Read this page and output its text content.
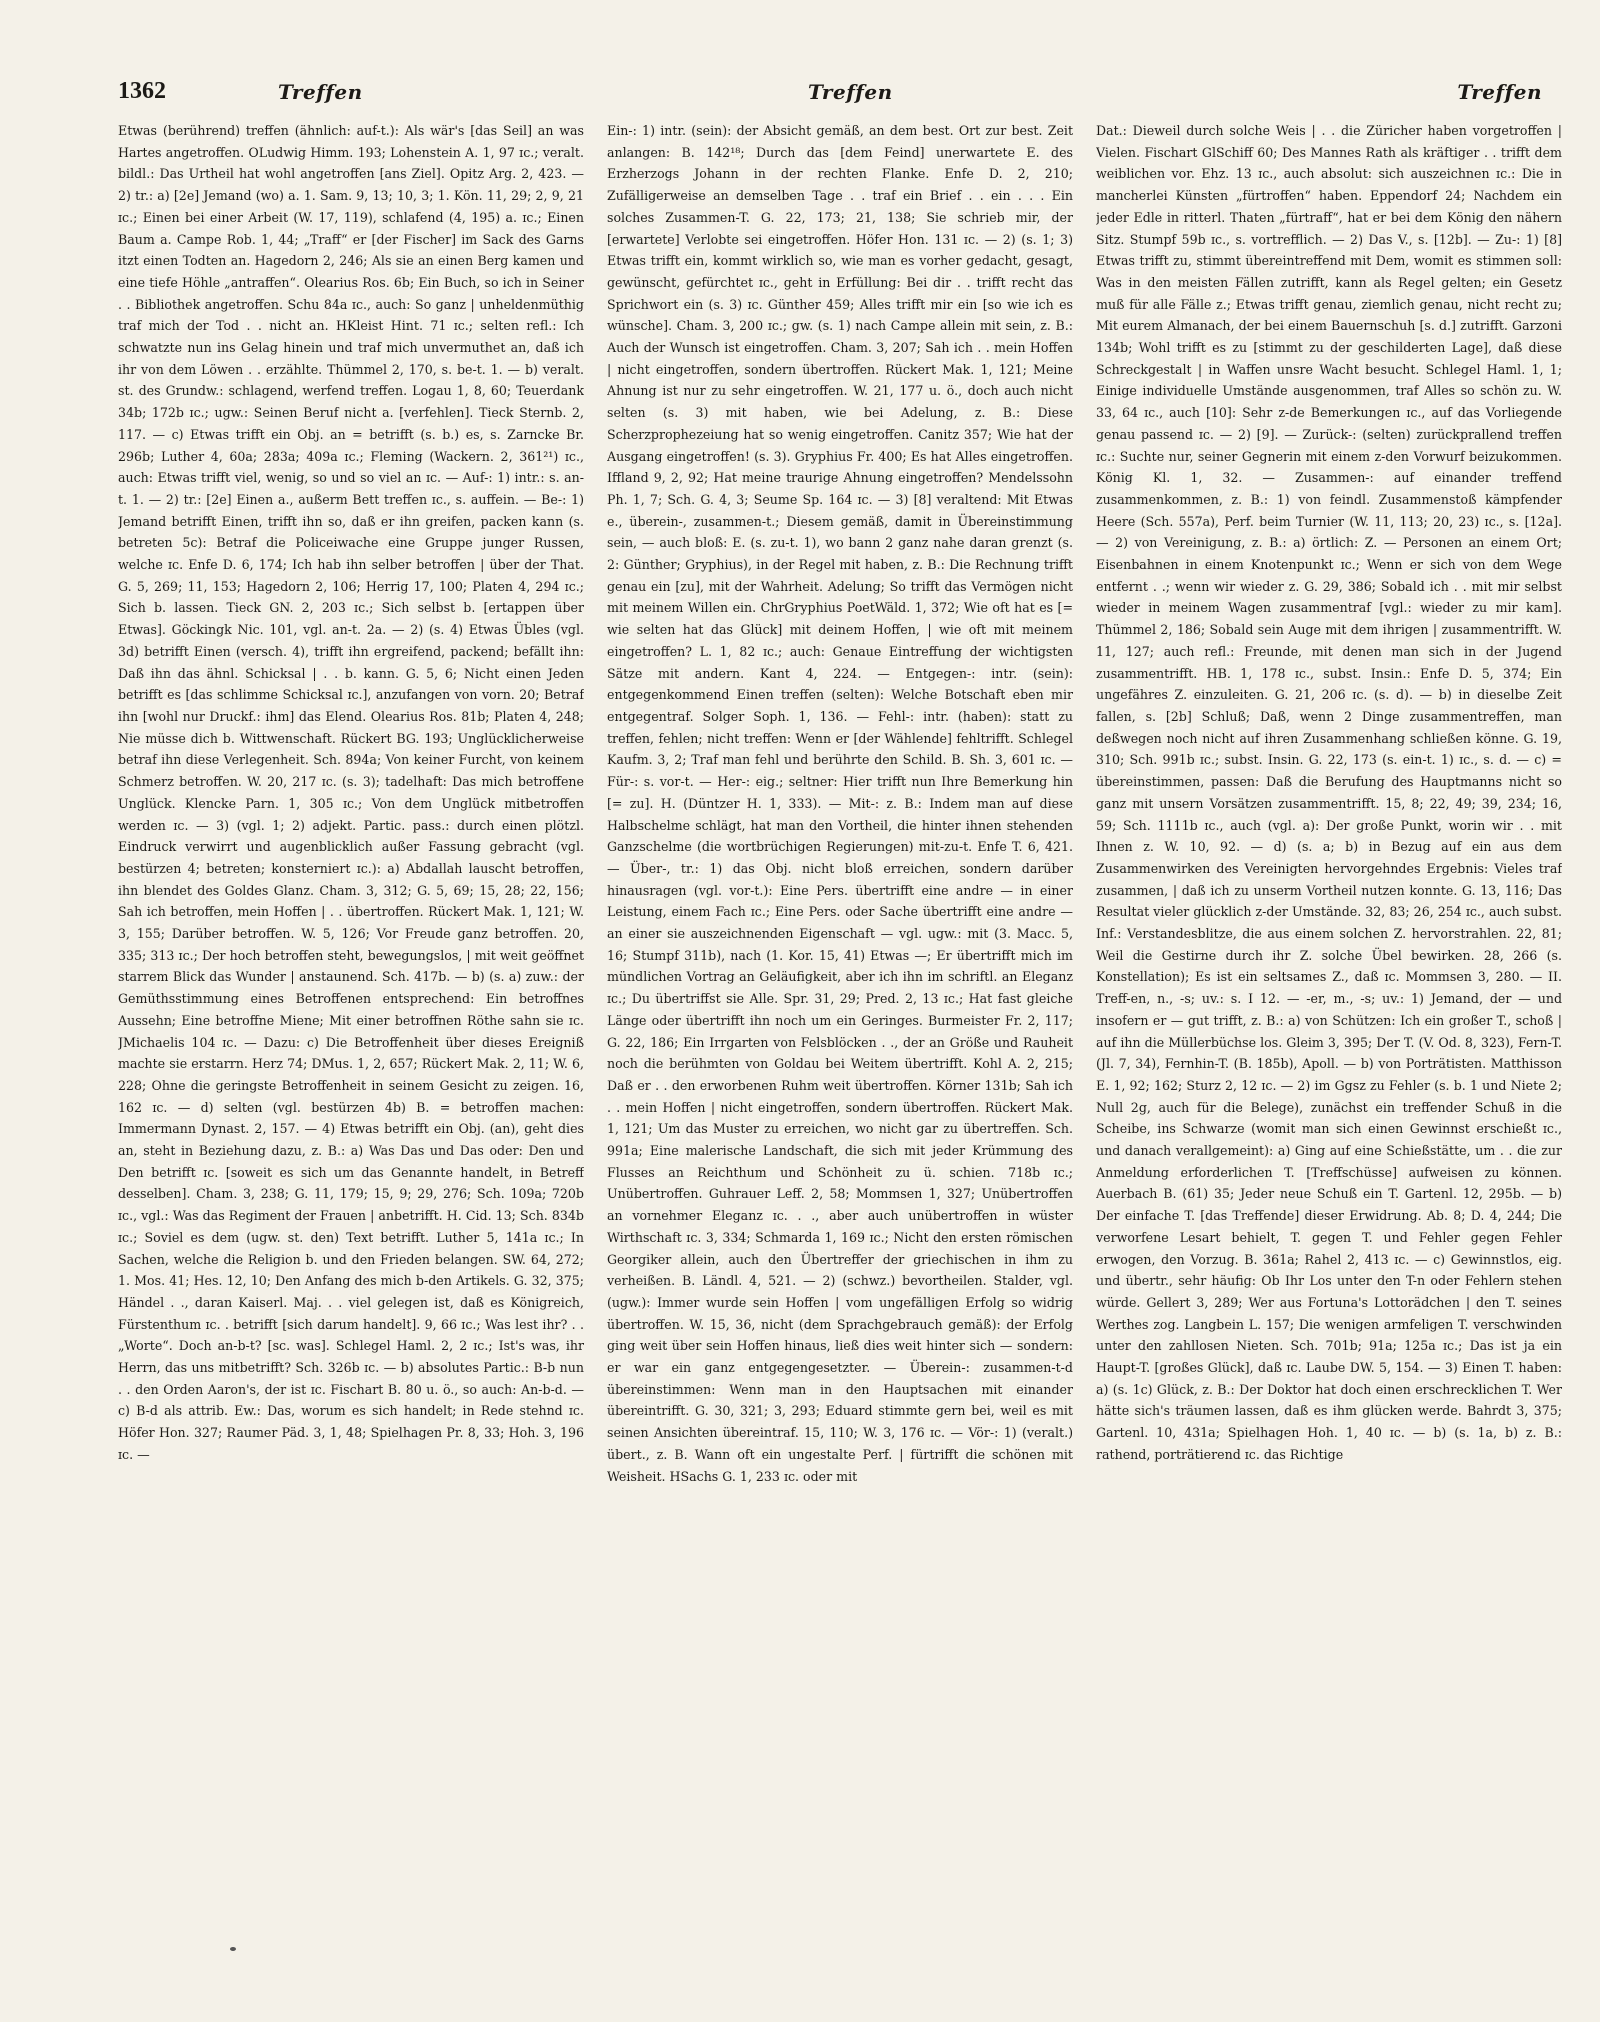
1362	Treffen	Treffen	Treffen

Etwas (berührend) treffen (ähnlich: auf-t.): Als wär's [das Seil] an was Hartes angetroffen. OLudwig Himm. 193; Lohenstein A. 1, 97 ɪc.; veralt. bildl.: Das Urtheil hat wohl angetroffen [ans Ziel]. Opitz Arg. 2, 423. — 2) tr.: a) [2e] Jemand (wo) a. 1. Sam. 9, 13; 10, 3; 1. Kön. 11, 29; 2, 9, 21 ɪc.; Einen bei einer Arbeit (W. 17, 119), schlafend (4, 195) a. ɪc.; Einen Baum a. Campe Rob. 1, 44; „Traff“ er [der Fischer] im Sack des Garns itzt einen Todten an. Hagedorn 2, 246; Als sie an einen Berg kamen und eine tiefe Höhle „antraffen“. Olearius Ros. 6b; Ein Buch, so ich in Seiner . . Bibliothek angetroffen. Schu 84a ɪc., auch: So ganz | unheldenmüthig traf mich der Tod . . nicht an. HKleist Hint. 71 ɪc.; selten refl.: Ich schwatzte nun ins Gelag hinein und traf mich unvermuthet an, daß ich ihr von dem Löwen . . erzählte. Thümmel 2, 170, s. be-t. 1. — b) veralt. st. des Grundw.: schlagend, werfend treffen. Logau 1, 8, 60; Teuerdank 34b; 172b ɪc.; ugw.: Seinen Beruf nicht a. [verfehlen]. Tieck Sternb. 2, 117. — c) Etwas trifft ein Obj. an = betrifft (s. b.) es, s. Zarncke Br. 296b; Luther 4, 60a; 283a; 409a ɪc.; Fleming (Wackern. 2, 361²¹) ɪc., auch: Etwas trifft viel, wenig, so und so viel an ɪc. — Auf-: 1) intr.: s. an-t. 1. — 2) tr.: [2e] Einen a., außerm Bett treffen ɪc., s. auffein. — Be-: 1) Jemand betrifft Einen, trifft ihn so, daß er ihn greifen, packen kann (s. betreten 5c): Betraf die Policeiwache eine Gruppe junger Russen, welche ɪc. Enfe D. 6, 174; Ich hab ihn selber betroffen | über der That. G. 5, 269; 11, 153; Hagedorn 2, 106; Herrig 17, 100; Platen 4, 294 ɪc.; Sich b. lassen. Tieck GN. 2, 203 ɪc.; Sich selbst b. [ertappen über Etwas]. Göckingk Nic. 101, vgl. an-t. 2a. — 2) (s. 4) Etwas Übles (vgl. 3d) betrifft Einen (versch. 4), trifft ihn ergreifend, packend; befällt ihn: Daß ihn das ähnl. Schicksal | . . b. kann. G. 5, 6; Nicht einen Jeden betrifft es [das schlimme Schicksal ɪc.], anzufangen von vorn. 20; Betraf ihn [wohl nur Druckf.: ihm] das Elend. Olearius Ros. 81b; Platen 4, 248; Nie müsse dich b. Wittwenschaft. Rückert BG. 193; Unglücklicherweise betraf ihn diese Verlegenheit. Sch. 894a; Von keiner Furcht, von keinem Schmerz betroffen. W. 20, 217 ɪc. (s. 3); tadelhaft: Das mich betroffene Unglück. Klencke Parn. 1, 305 ɪc.; Von dem Unglück mitbetroffen werden ɪc. — 3) (vgl. 1; 2) adjekt. Partic. pass.: durch einen plötzl. Eindruck verwirrt und augenblicklich außer Fassung gebracht (vgl. bestürzen 4; betreten; konsterniert ɪc.): a) Abdallah lauscht betroffen, ihn blendet des Goldes Glanz. Cham. 3, 312; G. 5, 69; 15, 28; 22, 156; Sah ich betroffen, mein Hoffen | . . übertroffen. Rückert Mak. 1, 121; W. 3, 155; Darüber betroffen. W. 5, 126; Vor Freude ganz betroffen. 20, 335; 313 ɪc.; Der hoch betroffen steht, bewegungslos, | mit weit geöffnet starrem Blick das Wunder | anstaunend. Sch. 417b. — b) (s. a) zuw.: der Gemüthsstimmung eines Betroffenen entsprechend: Ein betroffnes Aussehn; Eine betroffne Miene; Mit einer betroffnen Röthe sahn sie ɪc. JMichaelis 104 ɪc. — Dazu: c) Die Betroffenheit über dieses Ereigniß machte sie erstarrn. Herz 74; DMus. 1, 2, 657; Rückert Mak. 2, 11; W. 6, 228; Ohne die geringste Betroffenheit in seinem Gesicht zu zeigen. 16, 162 ɪc. — d) selten (vgl. bestürzen 4b) B. = betroffen machen: Immermann Dynast. 2, 157. — 4) Etwas betrifft ein Obj. (an), geht dies an, steht in Beziehung dazu, z. B.: a) Was Das und Das oder: Den und Den betrifft ɪc. [soweit es sich um das Genannte handelt, in Betreff desselben]. Cham. 3, 238; G. 11, 179; 15, 9; 29, 276; Sch. 109a; 720b ɪc., vgl.: Was das Regiment der Frauen | anbetrifft. H. Cid. 13; Sch. 834b ɪc.; Soviel es dem (ugw. st. den) Text betrifft. Luther 5, 141a ɪc.; In Sachen, welche die Religion b. und den Frieden belangen. SW. 64, 272; 1. Mos. 41; Hes. 12, 10; Den Anfang des mich b-den Artikels. G. 32, 375; Händel . ., daran Kaiserl. Maj. . . viel gelegen ist, daß es Königreich, Fürstenthum ɪc. . betrifft [sich darum handelt]. 9, 66 ɪc.; Was lest ihr? . . „Worte“. Doch an-b-t? [sc. was]. Schlegel Haml. 2, 2 ɪc.; Ist's was, ihr Herrn, das uns mitbetrifft? Sch. 326b ɪc. — b) absolutes Partic.: B-b nun . . den Orden Aaron's, der ist ɪc. Fischart B. 80 u. ö., so auch: An-b-d. — c) B-d als attrib. Ew.: Das, worum es sich handelt; in Rede stehnd ɪc. Höfer Hon. 327; Raumer Päd. 3, 1, 48; Spielhagen Pr. 8, 33; Hoh. 3, 196 ɪc. —

Ein-: 1) intr. (sein): der Absicht gemäß, an dem best. Ort zur best. Zeit anlangen: B. 142¹⁸; Durch das [dem Feind] unerwartete E. des Erzherzogs Johann in der rechten Flanke. Enfe D. 2, 210; Zufälligerweise an demselben Tage . . traf ein Brief . . ein . . . Ein solches Zusammen-T. G. 22, 173; 21, 138; Sie schrieb mir, der [erwartete] Verlobte sei eingetroffen. Höfer Hon. 131 ɪc. — 2) (s. 1; 3) Etwas trifft ein, kommt wirklich so, wie man es vorher gedacht, gesagt, gewünscht, gefürchtet ɪc., geht in Erfüllung: Bei dir . . trifft recht das Sprichwort ein (s. 3) ɪc. Günther 459; Alles trifft mir ein [so wie ich es wünsche]. Cham. 3, 200 ɪc.; gw. (s. 1) nach Campe allein mit sein, z. B.: Auch der Wunsch ist eingetroffen. Cham. 3, 207; Sah ich . . mein Hoffen | nicht eingetroffen, sondern übertroffen. Rückert Mak. 1, 121; Meine Ahnung ist nur zu sehr eingetroffen. W. 21, 177 u. ö., doch auch nicht selten (s. 3) mit haben, wie bei Adelung, z. B.: Diese Scherzprophezeiung hat so wenig eingetroffen. Canitz 357; Wie hat der Ausgang eingetroffen! (s. 3). Gryphius Fr. 400; Es hat Alles eingetroffen. Iffland 9, 2, 92; Hat meine traurige Ahnung eingetroffen? Mendelssohn Ph. 1, 7; Sch. G. 4, 3; Seume Sp. 164 ɪc. — 3) [8] veraltend: Mit Etwas e., überein-, zusammen-t.; Diesem gemäß, damit in Übereinstimmung sein, — auch bloß: E. (s. zu-t. 1), wo bann 2 ganz nahe daran grenzt (s. 2: Günther; Gryphius), in der Regel mit haben, z. B.: Die Rechnung trifft genau ein [zu], mit der Wahrheit. Adelung; So trifft das Vermögen nicht mit meinem Willen ein. ChrGryphius PoetWäld. 1, 372; Wie oft hat es [= wie selten hat das Glück] mit deinem Hoffen, | wie oft mit meinem eingetroffen? L. 1, 82 ɪc.; auch: Genaue Eintreffung der wichtigsten Sätze mit andern. Kant 4, 224. — Entgegen-: intr. (sein): entgegenkommend Einen treffen (selten): Welche Botschaft eben mir entgegentraf. Solger Soph. 1, 136. — Fehl-: intr. (haben): statt zu treffen, fehlen; nicht treffen: Wenn er [der Wählende] fehltrifft. Schlegel Kaufm. 3, 2; Traf man fehl und berührte den Schild. B. Sh. 3, 601 ɪc. — Für-: s. vor-t. — Her-: eig.; seltner: Hier trifft nun Ihre Bemerkung hin [= zu]. H. (Düntzer H. 1, 333). — Mit-: z. B.: Indem man auf diese Halbschelme schlägt, hat man den Vortheil, die hinter ihnen stehenden Ganzschelme (die wortbrüchigen Regierungen) mit-zu-t. Enfe T. 6, 421. — Über-, tr.: 1) das Obj. nicht bloß erreichen, sondern darüber hinausragen (vgl. vor-t.): Eine Pers. übertrifft eine andre — in einer Leistung, einem Fach ɪc.; Eine Pers. oder Sache übertrifft eine andre — an einer sie auszeichnenden Eigenschaft — vgl. ugw.: mit (3. Macc. 5, 16; Stumpf 311b), nach (1. Kor. 15, 41) Etwas —; Er übertrifft mich im mündlichen Vortrag an Geläufigkeit, aber ich ihn im schriftl. an Eleganz ɪc.; Du übertriffst sie Alle. Spr. 31, 29; Pred. 2, 13 ɪc.; Hat fast gleiche Länge oder übertrifft ihn noch um ein Geringes. Burmeister Fr. 2, 117; G. 22, 186; Ein Irrgarten von Felsblöcken . ., der an Größe und Rauheit noch die berühmten von Goldau bei Weitem übertrifft. Kohl A. 2, 215; Daß er . . den erworbenen Ruhm weit übertroffen. Körner 131b; Sah ich . . mein Hoffen | nicht eingetroffen, sondern übertroffen. Rückert Mak. 1, 121; Um das Muster zu erreichen, wo nicht gar zu übertreffen. Sch. 991a; Eine malerische Landschaft, die sich mit jeder Krümmung des Flusses an Reichthum und Schönheit zu ü. schien. 718b ɪc.; Unübertroffen. Guhrauer Leff. 2, 58; Mommsen 1, 327; Unübertroffen an vornehmer Eleganz ɪc. . ., aber auch unübertroffen in wüster Wirthschaft ɪc. 3, 334; Schmarda 1, 169 ɪc.; Nicht den ersten römischen Georgiker allein, auch den Übertreffer der griechischen in ihm zu verheißen. B. Ländl. 4, 521. — 2) (schwz.) bevortheilen. Stalder, vgl. (ugw.): Immer wurde sein Hoffen | vom ungefälligen Erfolg so widrig übertroffen. W. 15, 36, nicht (dem Sprachgebrauch gemäß): der Erfolg ging weit über sein Hoffen hinaus, ließ dies weit hinter sich — sondern: er war ein ganz entgegengesetzter. — Überein-: zusammen-t-d übereinstimmen: Wenn man in den Hauptsachen mit einander übereintrifft. G. 30, 321; 3, 293; Eduard stimmte gern bei, weil es mit seinen Ansichten übereintraf. 15, 110; W. 3, 176 ɪc. — Vör-: 1) (veralt.) übert., z. B. Wann oft ein ungestalte Perf. | fürtrifft die schönen mit Weisheit. HSachs G. 1, 233 ɪc. oder mit

Dat.: Dieweil durch solche Weis | . . die Züricher haben vorgetroffen | Vielen. Fischart GlSchiff 60; Des Mannes Rath als kräftiger . . trifft dem weiblichen vor. Ehz. 13 ɪc., auch absolut: sich auszeichnen ɪc.: Die in mancherlei Künsten „fürtroffen“ haben. Eppendorf 24; Nachdem ein jeder Edle in ritterl. Thaten „fürtraff“, hat er bei dem König den nähern Sitz. Stumpf 59b ɪc., s. vortrefflich. — 2) Das V., s. [12b]. — Zu-: 1) [8] Etwas trifft zu, stimmt übereintreffend mit Dem, womit es stimmen soll: Was in den meisten Fällen zutrifft, kann als Regel gelten; ein Gesetz muß für alle Fälle z.; Etwas trifft genau, ziemlich genau, nicht recht zu; Mit eurem Almanach, der bei einem Bauernschuh [s. d.] zutrifft. Garzoni 134b; Wohl trifft es zu [stimmt zu der geschilderten Lage], daß diese Schreckgestalt | in Waffen unsre Wacht besucht. Schlegel Haml. 1, 1; Einige individuelle Umstände ausgenommen, traf Alles so schön zu. W. 33, 64 ɪc., auch [10]: Sehr z-de Bemerkungen ɪc., auf das Vorliegende genau passend ɪc. — 2) [9]. — Zurück-: (selten) zurückprallend treffen ɪc.: Suchte nur, seiner Gegnerin mit einem z-den Vorwurf beizukommen. König Kl. 1, 32. — Zusammen-: auf einander treffend zusammenkommen, z. B.: 1) von feindl. Zusammenstoß kämpfender Heere (Sch. 557a), Perf. beim Turnier (W. 11, 113; 20, 23) ɪc., s. [12a]. — 2) von Vereinigung, z. B.: a) örtlich: Z. — Personen an einem Ort; Eisenbahnen in einem Knotenpunkt ɪc.; Wenn er sich von dem Wege entfernt . .; wenn wir wieder z. G. 29, 386; Sobald ich . . mit mir selbst wieder in meinem Wagen zusammentraf [vgl.: wieder zu mir kam]. Thümmel 2, 186; Sobald sein Auge mit dem ihrigen | zusammentrifft. W. 11, 127; auch refl.: Freunde, mit denen man sich in der Jugend zusammentrifft. HB. 1, 178 ɪc., subst. Insin.: Enfe D. 5, 374; Ein ungefähres Z. einzuleiten. G. 21, 206 ɪc. (s. d). — b) in dieselbe Zeit fallen, s. [2b] Schluß; Daß, wenn 2 Dinge zusammentreffen, man deßwegen noch nicht auf ihren Zusammenhang schließen könne. G. 19, 310; Sch. 991b ɪc.; subst. Insin. G. 22, 173 (s. ein-t. 1) ɪc., s. d. — c) = übereinstimmen, passen: Daß die Berufung des Hauptmanns nicht so ganz mit unsern Vorsätzen zusammentrifft. 15, 8; 22, 49; 39, 234; 16, 59; Sch. 1111b ɪc., auch (vgl. a): Der große Punkt, worin wir . . mit Ihnen z. W. 10, 92. — d) (s. a; b) in Bezug auf ein aus dem Zusammenwirken des Vereinigten hervorgehndes Ergebnis: Vieles traf zusammen, | daß ich zu unserm Vortheil nutzen konnte. G. 13, 116; Das Resultat vieler glücklich z-der Umstände. 32, 83; 26, 254 ɪc., auch subst. Inf.: Verstandesblitze, die aus einem solchen Z. hervorstrahlen. 22, 81; Weil die Gestirne durch ihr Z. solche Übel bewirken. 28, 266 (s. Konstellation); Es ist ein seltsames Z., daß ɪc. Mommsen 3, 280. — II. Treff-en, n., -s; uv.: s. I 12. — -er, m., -s; uv.: 1) Jemand, der — und insofern er — gut trifft, z. B.: a) von Schützen: Ich ein großer T., schoß | auf ihn die Müllerbüchse los. Gleim 3, 395; Der T. (V. Od. 8, 323), Fern-T. (Jl. 7, 34), Fernhin-T. (B. 185b), Apoll. — b) von Porträtisten. Matthisson E. 1, 92; 162; Sturz 2, 12 ɪc. — 2) im Ggsz zu Fehler (s. b. 1 und Niete 2; Null 2g, auch für die Belege), zunächst ein treffender Schuß in die Scheibe, ins Schwarze (womit man sich einen Gewinnst erschießt ɪc., und danach verallgemeint): a) Ging auf eine Schießstätte, um . . die zur Anmeldung erforderlichen T. [Treffschüsse] aufweisen zu können. Auerbach B. (61) 35; Jeder neue Schuß ein T. Gartenl. 12, 295b. — b) Der einfache T. [das Treffende] dieser Erwidrung. Ab. 8; D. 4, 244; Die verworfene Lesart behielt, T. gegen T. und Fehler gegen Fehler erwogen, den Vorzug. B. 361a; Rahel 2, 413 ɪc. — c) Gewinnstlos, eig. und übertr., sehr häufig: Ob Ihr Los unter den T-n oder Fehlern stehen würde. Gellert 3, 289; Wer aus Fortuna's Lottorädchen | den T. seines Werthes zog. Langbein L. 157; Die wenigen armfeligen T. verschwinden unter den zahllosen Nieten. Sch. 701b; 91a; 125a ɪc.; Das ist ja ein Haupt-T. [großes Glück], daß ɪc. Laube DW. 5, 154. — 3) Einen T. haben: a) (s. 1c) Glück, z. B.: Der Doktor hat doch einen erschrecklichen T. Wer hätte sich's träumen lassen, daß es ihm glücken werde. Bahrdt 3, 375; Gartenl. 10, 431a; Spielhagen Hoh. 1, 40 ɪc. — b) (s. 1a, b) z. B.: rathend, porträtierend ɪc. das Richtige
